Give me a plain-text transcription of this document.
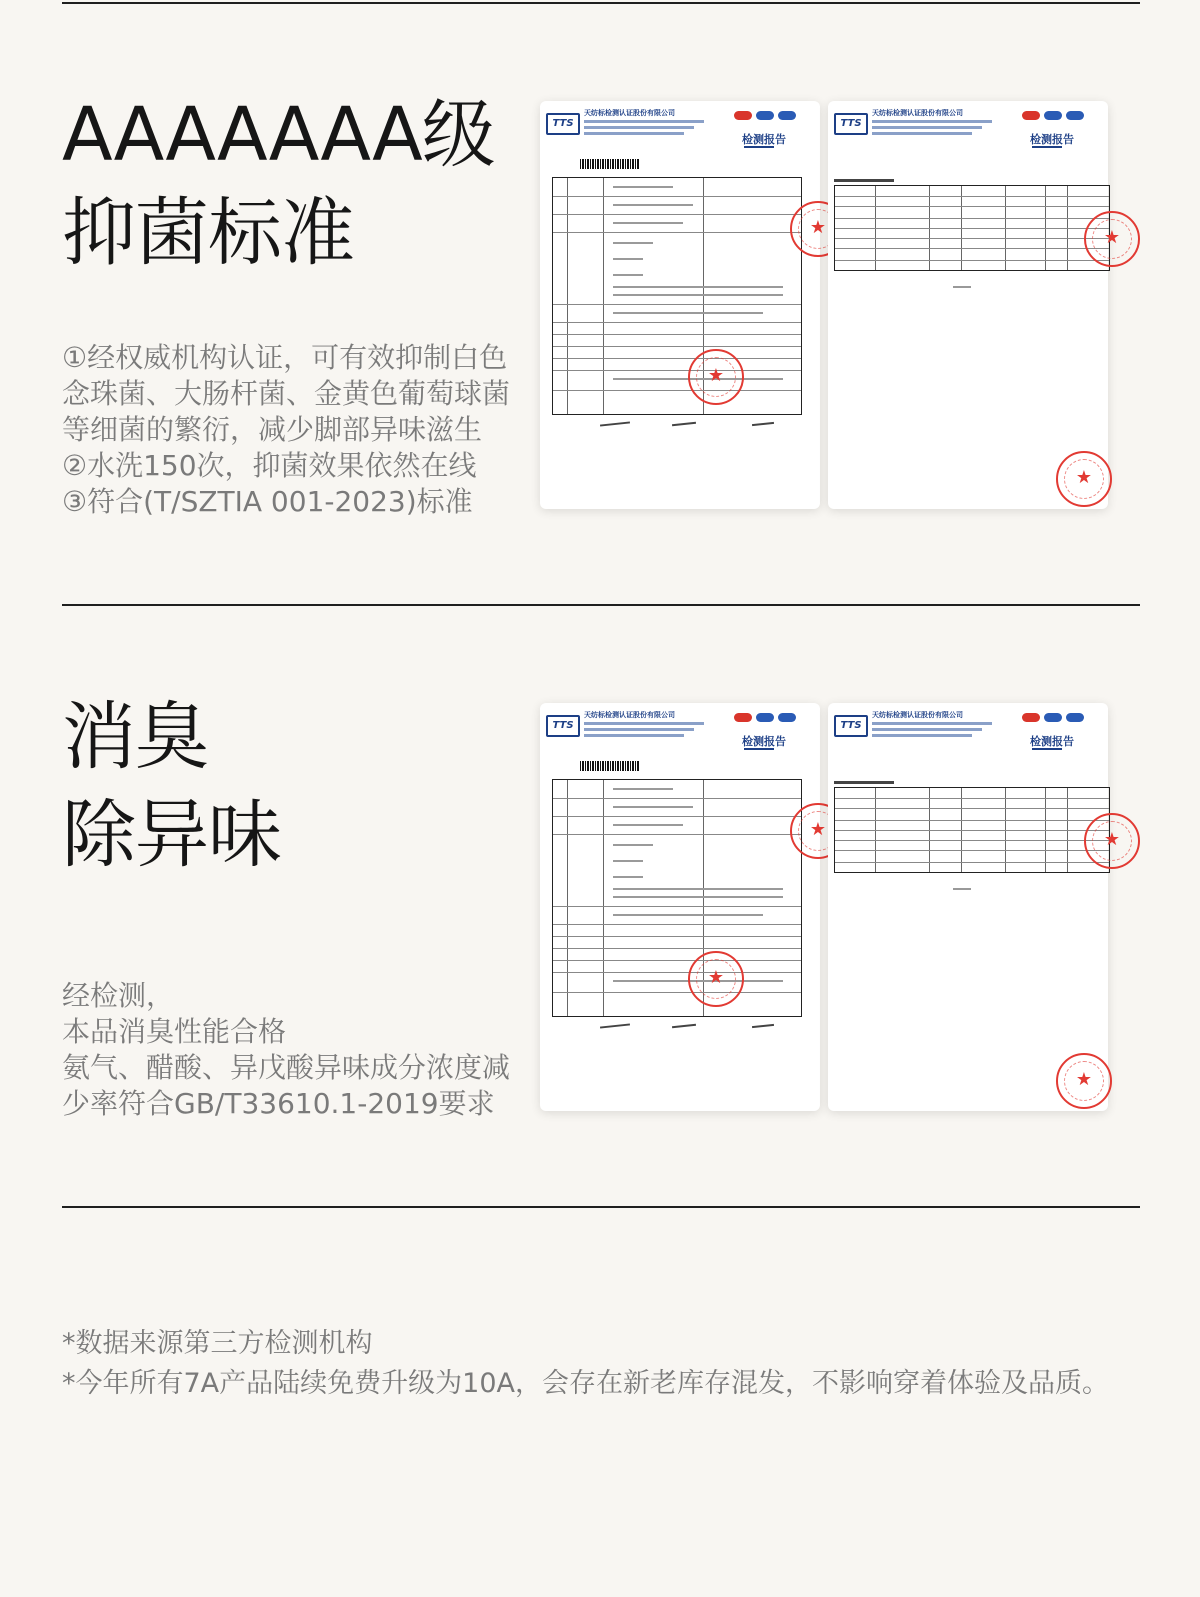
AAAAAAA级
抑菌标准
①经权威机构认证，可有效抑制白色
念珠菌、大肠杆菌、金黄色葡萄球菌
等细菌的繁衍，减少脚部异味滋生
②水洗150次，抑菌效果依然在线
③符合(T/SZTIA 001-2023)标准
TTS
天纺标检测认证股份有限公司
检测报告
★
★
TTS
天纺标检测认证股份有限公司
检测报告
★
★
消臭
除异味
经检测，
本品消臭性能合格
氨气、醋酸、异戊酸异味成分浓度减
少率符合GB/T33610.1-2019要求
TTS
天纺标检测认证股份有限公司
检测报告
★
★
TTS
天纺标检测认证股份有限公司
检测报告
★
★
*数据来源第三方检测机构
*今年所有7A产品陆续免费升级为10A，会存在新老库存混发，不影响穿着体验及品质。
